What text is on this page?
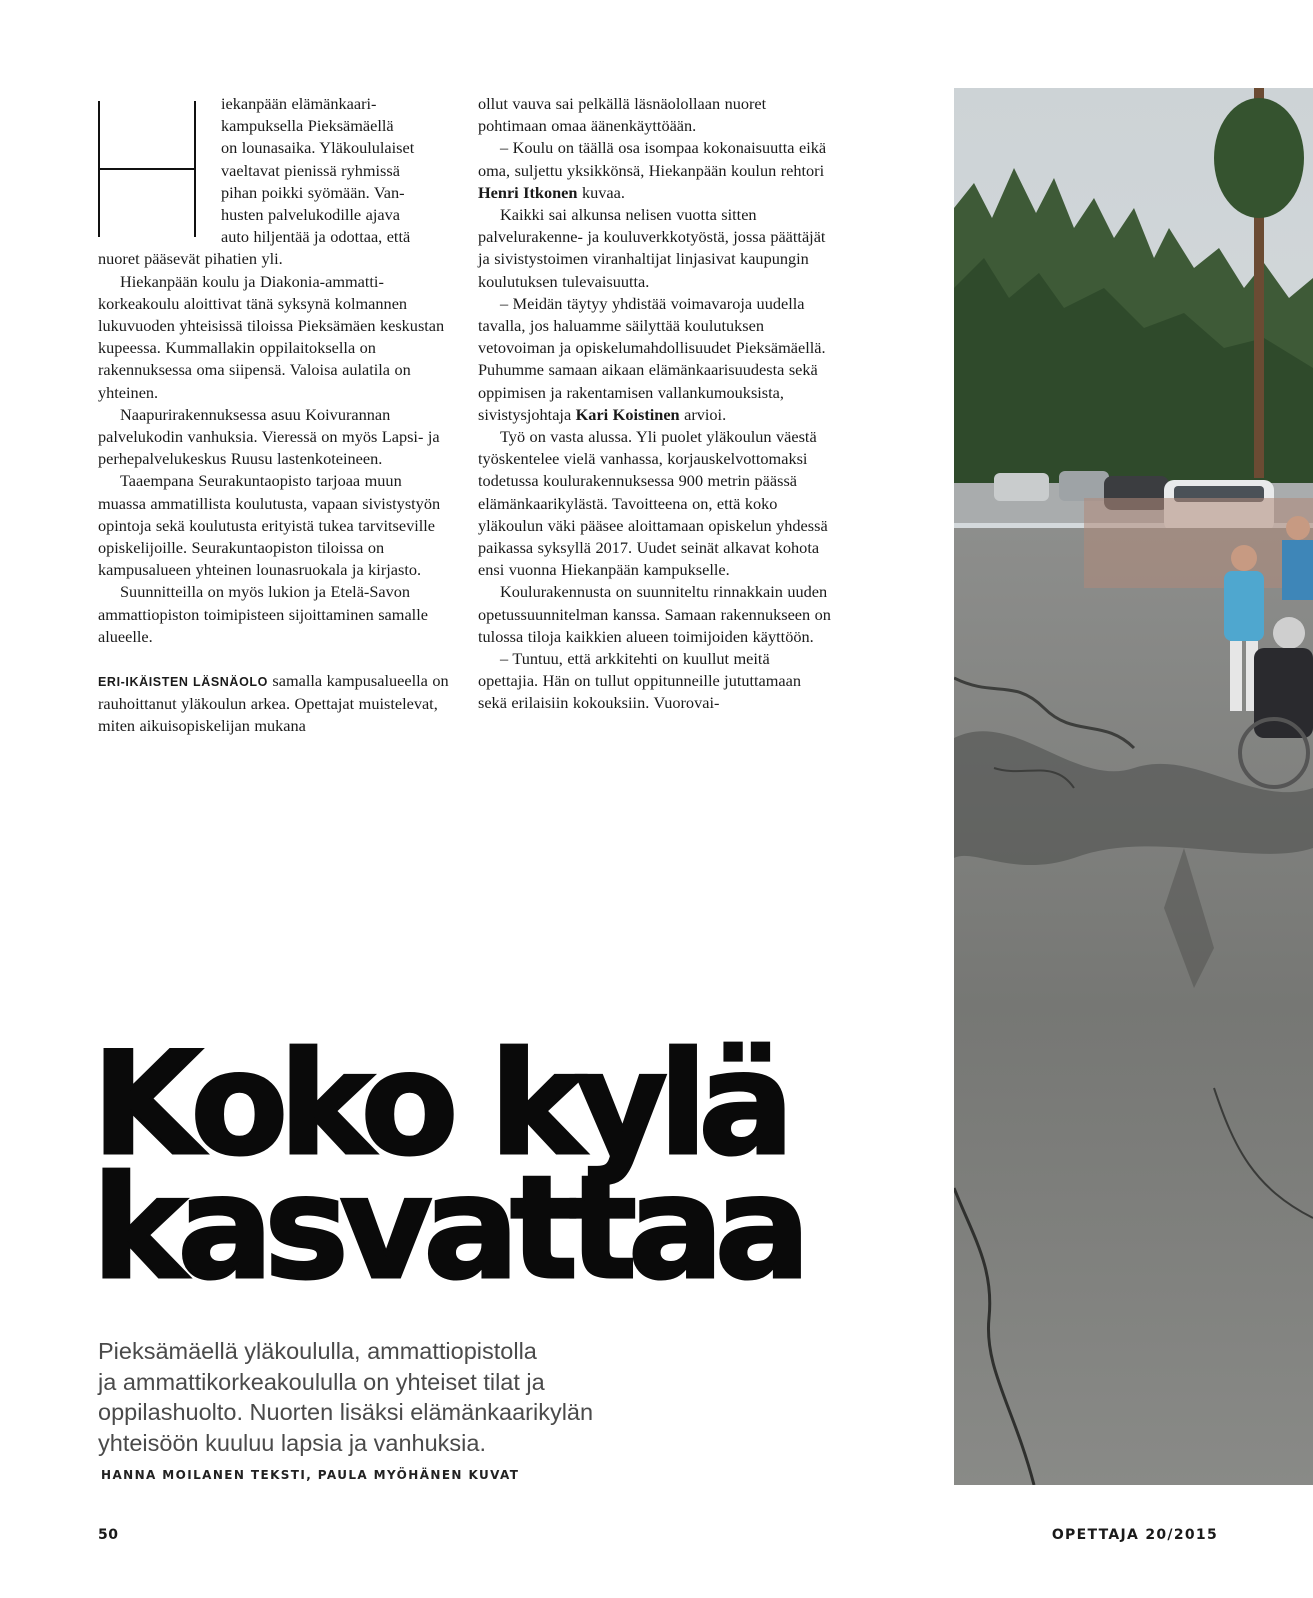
iekanpään elämänkaari-
kampuksella Pieksämäellä
on lounasaika. Yläkoululaiset
vaeltavat pienissä ryhmissä
pihan poikki syömään. Van-
husten palvelukodille ajava
auto hiljentää ja odottaa, että

nuoret pääsevät pihatien yli.

Hiekanpään koulu ja Diakonia-ammattikorkeakoulu aloittivat tänä syksynä kolmannen lukuvuoden yhteisissä tiloissa Pieksämäen keskustan kupeessa. Kummallakin oppilaitoksella on rakennuksessa oma siipensä. Valoisa aulatila on yhteinen.

Naapurirakennuksessa asuu Koivurannan palvelukodin vanhuksia. Vieressä on myös Lapsi- ja perhepalvelukeskus Ruusu lastenkoteineen.

Taaempana Seurakuntaopisto tarjoaa muun muassa ammatillista koulutusta, vapaan sivistystyön opintoja sekä koulutusta erityistä tukea tarvitseville opiskelijoille. Seurakuntaopiston tiloissa on kampusalueen yhteinen lounasruokala ja kirjasto.

Suunnitteilla on myös lukion ja Etelä-Savon ammattiopiston toimipisteen sijoittaminen samalle alueelle.

ERI-IKÄISTEN LÄSNÄOLO samalla kampusalueella on rauhoittanut yläkoulun arkea. Opettajat muistelevat, miten aikuisopiskelijan mukana

ollut vauva sai pelkällä läsnäolollaan nuoret pohtimaan omaa äänenkäyttöään.

– Koulu on täällä osa isompaa kokonaisuutta eikä oma, suljettu yksikkönsä, Hiekanpään koulun rehtori Henri Itkonen kuvaa.

Kaikki sai alkunsa nelisen vuotta sitten palvelurakenne- ja kouluverkkotyöstä, jossa päättäjät ja sivistystoimen viranhaltijat linjasivat kaupungin koulutuksen tulevaisuutta.

– Meidän täytyy yhdistää voimavaroja uudella tavalla, jos haluamme säilyttää koulutuksen vetovoiman ja opiskelumahdollisuudet Pieksämäellä. Puhumme samaan aikaan elämänkaarisuudesta sekä oppimisen ja rakentamisen vallankumouksista, sivistysjohtaja Kari Koistinen arvioi.

Työ on vasta alussa. Yli puolet yläkoulun väestä työskentelee vielä vanhassa, korjauskelvottomaksi todetussa koulurakennuksessa 900 metrin päässä elämänkaarikylästä. Tavoitteena on, että koko yläkoulun väki pääsee aloittamaan opiskelun yhdessä paikassa syksyllä 2017. Uudet seinät alkavat kohota ensi vuonna Hiekanpään kampukselle.

Koulurakennusta on suunniteltu rinnakkain uuden opetussuunnitelman kanssa. Samaan rakennukseen on tulossa tiloja kaikkien alueen toimijoiden käyttöön.

– Tuntuu, että arkkitehti on kuullut meitä opettajia. Hän on tullut oppitunneille jututtamaan sekä erilaisiin kokouksiin. Vuorovai-

Koko kylä
kasvattaa
Pieksämäellä yläkoululla, ammattiopistolla
ja ammattikorkeakoululla on yhteiset tilat ja
oppilashuolto. Nuorten lisäksi elämänkaarikylän
yhteisöön kuuluu lapsia ja vanhuksia.
HANNA MOILANEN TEKSTI, PAULA MYÖHÄNEN KUVAT
50	OPETTAJA 20/2015
